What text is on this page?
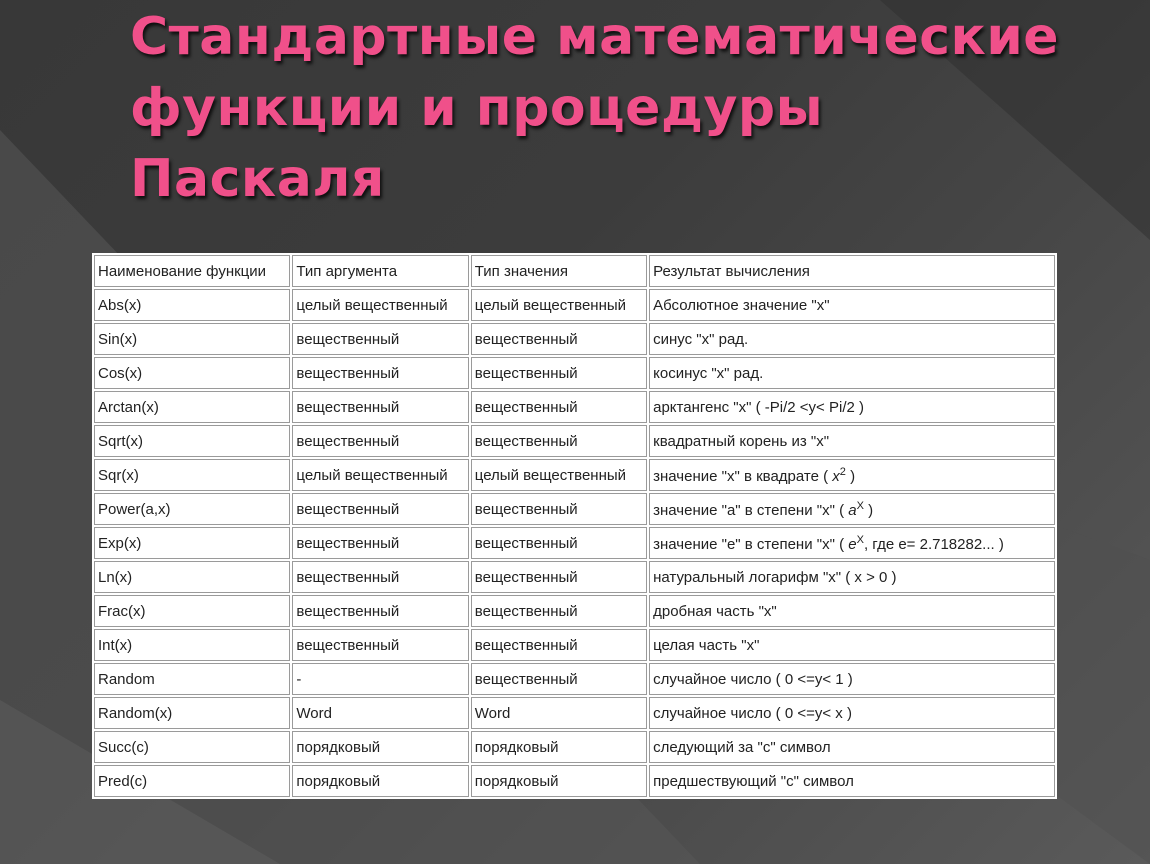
Стандартные математические функции и процедуры Паскаля
Наименование функции	Тип аргумента	Тип значения	Результат вычисления
Abs(x)	целый вещественный	целый вещественный	Абсолютное значение "x"
Sin(x)	вещественный	вещественный	синус "x" рад.
Cos(x)	вещественный	вещественный	косинус "x" рад.
Arctan(x)	вещественный	вещественный	арктангенс "x" ( -Pi/2 <y< Pi/2 )
Sqrt(x)	вещественный	вещественный	квадратный корень из "x"
Sqr(x)	целый вещественный	целый вещественный	значение "x" в квадрате ( $x^2$ )
Power(a,x)	вещественный	вещественный	значение "a" в степени "x" ( $a^X$ )
Exp(x)	вещественный	вещественный	значение "е" в степени "x" ( $e^X$, где e= 2.718282... )
Ln(x)	вещественный	вещественный	натуральный логарифм "х" ( х > 0 )
Frac(x)	вещественный	вещественный	дробная часть "х"
Int(x)	вещественный	вещественный	целая часть "х"
Random	-	вещественный	случайное число ( 0 <=y< 1 )
Random(x)	Word	Word	случайное число ( 0 <=y< x )
Succ(c)	порядковый	порядковый	следующий за "с" символ
Pred(c)	порядковый	порядковый	предшествующий "с" символ
